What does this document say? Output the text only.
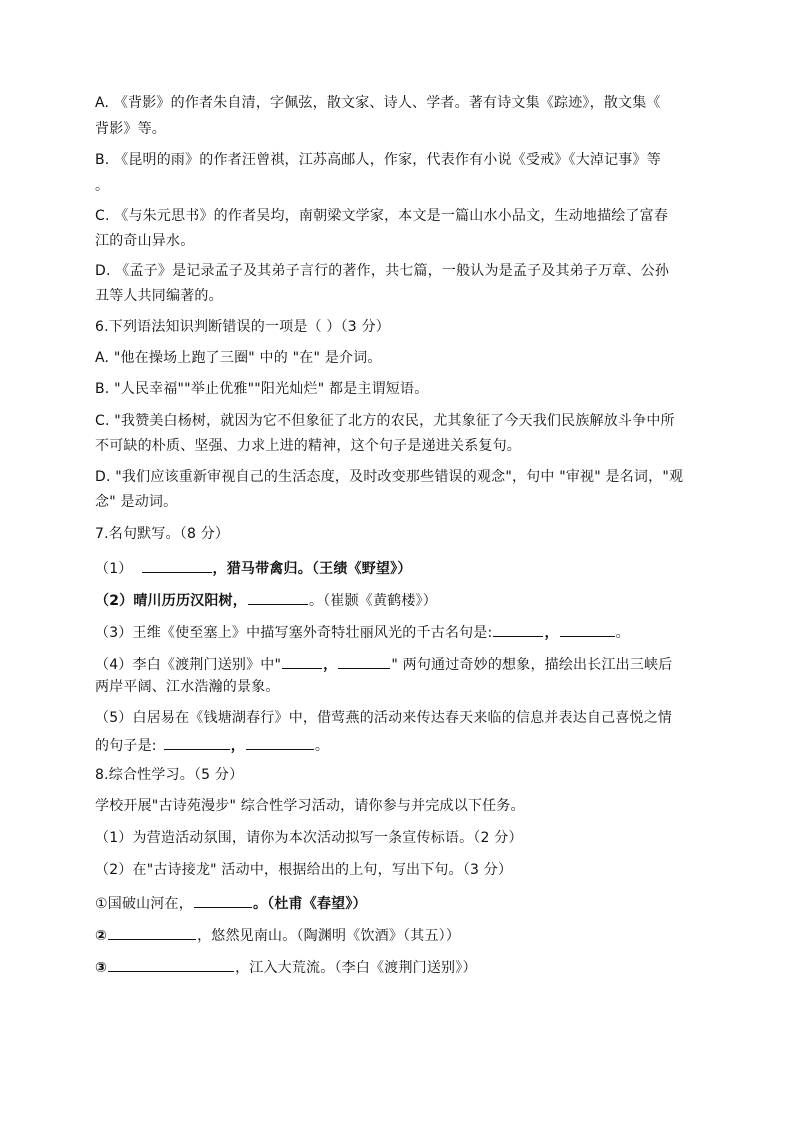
A. 《背影》的作者朱自清，字佩弦，散文家、诗人、学者。著有诗文集《踪迹》，散文集《
背影》等。
B. 《昆明的雨》的作者汪曾祺，江苏高邮人，作家，代表作有小说《受戒》《大淖记事》等
。
C. 《与朱元思书》的作者吴均，南朝梁文学家，本文是一篇山水小品文，生动地描绘了富春
江的奇山异水。
D. 《孟子》是记录孟子及其弟子言行的著作，共七篇，一般认为是孟子及其弟子万章、公孙
丑等人共同编著的。
6.下列语法知识判断错误的一项是（ ）（3 分）
A. "他在操场上跑了三圈" 中的 "在" 是介词。
B. "人民幸福""举止优雅""阳光灿烂" 都是主谓短语。
C. "我赞美白杨树，就因为它不但象征了北方的农民，尤其象征了今天我们民族解放斗争中所
不可缺的朴质、坚强、力求上进的精神，这个句子是递进关系复句。
D. "我们应该重新审视自己的生活态度，及时改变那些错误的观念"，句中 "审视" 是名词，"观
念" 是动词。
7.名句默写。（8 分）
（1）	，猎马带禽归。（王绩《野望》）
（2）晴川历历汉阳树，	。（崔颢《黄鹤楼》）
（3）王维《使至塞上》中描写塞外奇特壮丽风光的千古名句是:	，	。
（4）李白《渡荆门送别》中"	，	" 两句通过奇妙的想象，描绘出长江出三峡后
两岸平阔、江水浩瀚的景象。
（5）白居易在《钱塘湖春行》中，借莺燕的活动来传达春天来临的信息并表达自己喜悦之情
的句子是:	，	。
8.综合性学习。（5 分）
学校开展"古诗苑漫步" 综合性学习活动，请你参与并完成以下任务。
（1）为营造活动氛围，请你为本次活动拟写一条宣传标语。（2 分）
（2）在"古诗接龙" 活动中，根据给出的上句，写出下句。（3 分）
①国破山河在，	。（杜甫《春望》）
②	，悠然见南山。（陶渊明《饮酒》（其五））
③	，江入大荒流。（李白《渡荆门送别》）
